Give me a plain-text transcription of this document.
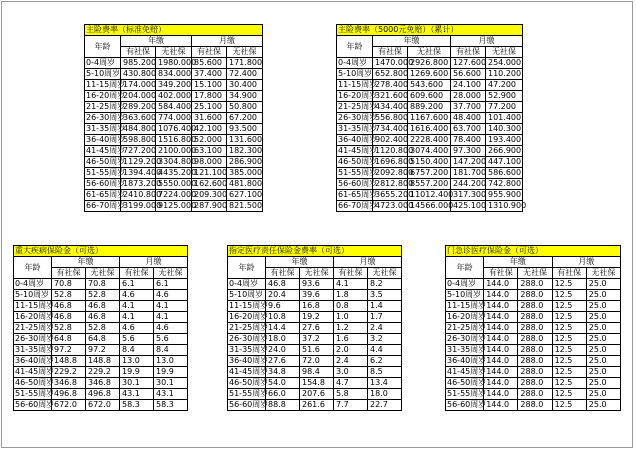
主险费率（标准免赔）				
年龄	年缴		月缴	
	有社保	无社保	有社保	无社保
0-4周岁	985.200	1980.000	85.600	171.800
5-10周岁	430.800	834.000	37.400	72.400
11-15周岁	174.000	349.200	15.100	30.400
16-20周岁	204.000	402.000	17.800	34.900
21-25周岁	289.200	584.400	25.100	50.800
26-30周岁	363.600	774.000	31.600	67.200
31-35周岁	484.800	1076.400	42.100	93.500
36-40周岁	598.800	1516.800	52.000	131.600
41-45周岁	727.200	2100.000	63.100	182.300
46-50周岁	1129.200	3304.800	98.000	286.900
51-55周岁	1394.400	4435.200	121.100	385.000
56-60周岁	1873.200	5550.000	162.600	481.800
61-65周岁	2410.800	7224.000	209.300	627.100
66-70周岁	3199.000	9125.000	287.900	821.500
主险费率（5000元免赔）（累计）				
年龄	年缴		月缴	
	有社保	无社保	有社保	无社保
0-4周岁	1470.000	2926.800	127.600	254.000
5-10周岁	652.800	1269.600	56.600	110.200
11-15周岁	278.400	543.600	24.100	47.200
16-20周岁	321.600	609.600	28.000	52.900
21-25周岁	434.400	889.200	37.700	77.200
26-30周岁	556.800	1167.600	48.400	101.400
31-35周岁	734.400	1616.400	63.700	140.300
36-40周岁	902.400	2228.400	78.400	193.400
41-45周岁	1120.800	3074.400	97.300	266.900
46-50周岁	1696.800	5150.400	147.200	447.100
51-55周岁	2092.800	6757.200	181.700	586.600
56-60周岁	2812.800	8557.200	244.200	742.800
61-65周岁	3655.200	11012.400	317.300	955.900
66-70周岁	4723.000	14566.000	425.100	1310.900
重大疾病保险金（可选）				
年龄	年缴		月缴	
	有社保	无社保	有社保	无社保
0-4周岁	70.8	70.8	6.1	6.1
5-10周岁	52.8	52.8	4.6	4.6
11-15周岁	46.8	46.8	4.1	4.1
16-20周岁	46.8	46.8	4.1	4.1
21-25周岁	52.8	52.8	4.6	4.6
26-30周岁	64.8	64.8	5.6	5.6
31-35周岁	97.2	97.2	8.4	8.4
36-40周岁	148.8	148.8	13.0	13.0
41-45周岁	229.2	229.2	19.9	19.9
46-50周岁	346.8	346.8	30.1	30.1
51-55周岁	496.8	496.8	43.1	43.1
56-60周岁	672.0	672.0	58.3	58.3
指定医疗责任保险金费率（可选）				
年龄	年缴		月缴	
	有社保	无社保	有社保	无社保
0-4周岁	46.8	93.6	4.1	8.2
5-10周岁	20.4	39.6	1.8	3.5
11-15周岁	9.6	16.8	0.8	1.4
16-20周岁	10.8	19.2	1.0	1.7
21-25周岁	14.4	27.6	1.2	2.4
26-30周岁	18.0	37.2	1.6	3.2
31-35周岁	24.0	51.6	2.0	4.4
36-40周岁	27.6	72.0	2.4	6.2
41-45周岁	34.8	98.4	3.0	8.5
46-50周岁	54.0	154.8	4.7	13.4
51-55周岁	66.0	207.6	5.8	18.0
56-60周岁	88.8	261.6	7.7	22.7
门急诊医疗保险金（可选）				
年龄	年缴		月缴	
	有社保	无社保	有社保	无社保
0-4周岁	144.0	288.0	12.5	25.0
5-10周岁	144.0	288.0	12.5	25.0
11-15周岁	144.0	288.0	12.5	25.0
16-20周岁	144.0	288.0	12.5	25.0
21-25周岁	144.0	288.0	12.5	25.0
26-30周岁	144.0	288.0	12.5	25.0
31-35周岁	144.0	288.0	12.5	25.0
36-40周岁	144.0	288.0	12.5	25.0
41-45周岁	144.0	288.0	12.5	25.0
46-50周岁	144.0	288.0	12.5	25.0
51-55周岁	144.0	288.0	12.5	25.0
56-60周岁	144.0	288.0	12.5	25.0
